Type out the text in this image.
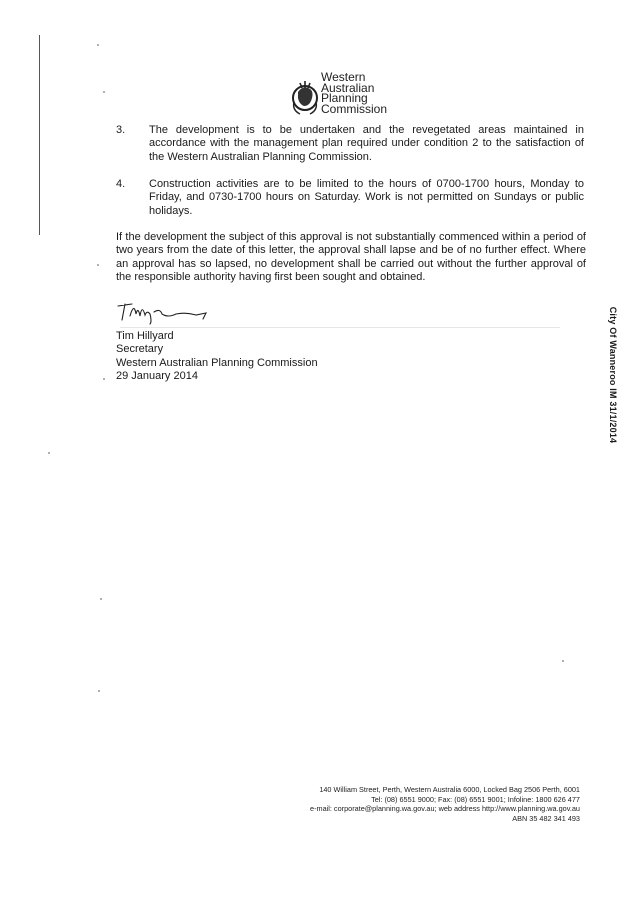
Western
Australian
Planning
Commission
3. The development is to be undertaken and the revegetated areas maintained in accordance with the management plan required under condition 2 to the satisfaction of the Western Australian Planning Commission.
4. Construction activities are to be limited to the hours of 0700-1700 hours, Monday to Friday, and 0730-1700 hours on Saturday. Work is not permitted on Sundays or public holidays.
If the development the subject of this approval is not substantially commenced within a period of two years from the date of this letter, the approval shall lapse and be of no further effect. Where an approval has so lapsed, no development shall be carried out without the further approval of the responsible authority having first been sought and obtained.
Tim Hillyard
Secretary
Western Australian Planning Commission
29 January 2014	City Of Wanneroo IM 31/1/2014
140 William Street, Perth, Western Australia 6000, Locked Bag 2506 Perth, 6001
Tel: (08) 6551 9000; Fax: (08) 6551 9001; Infoline: 1800 626 477
e-mail: corporate@planning.wa.gov.au; web address http://www.planning.wa.gov.au
ABN 35 482 341 493
